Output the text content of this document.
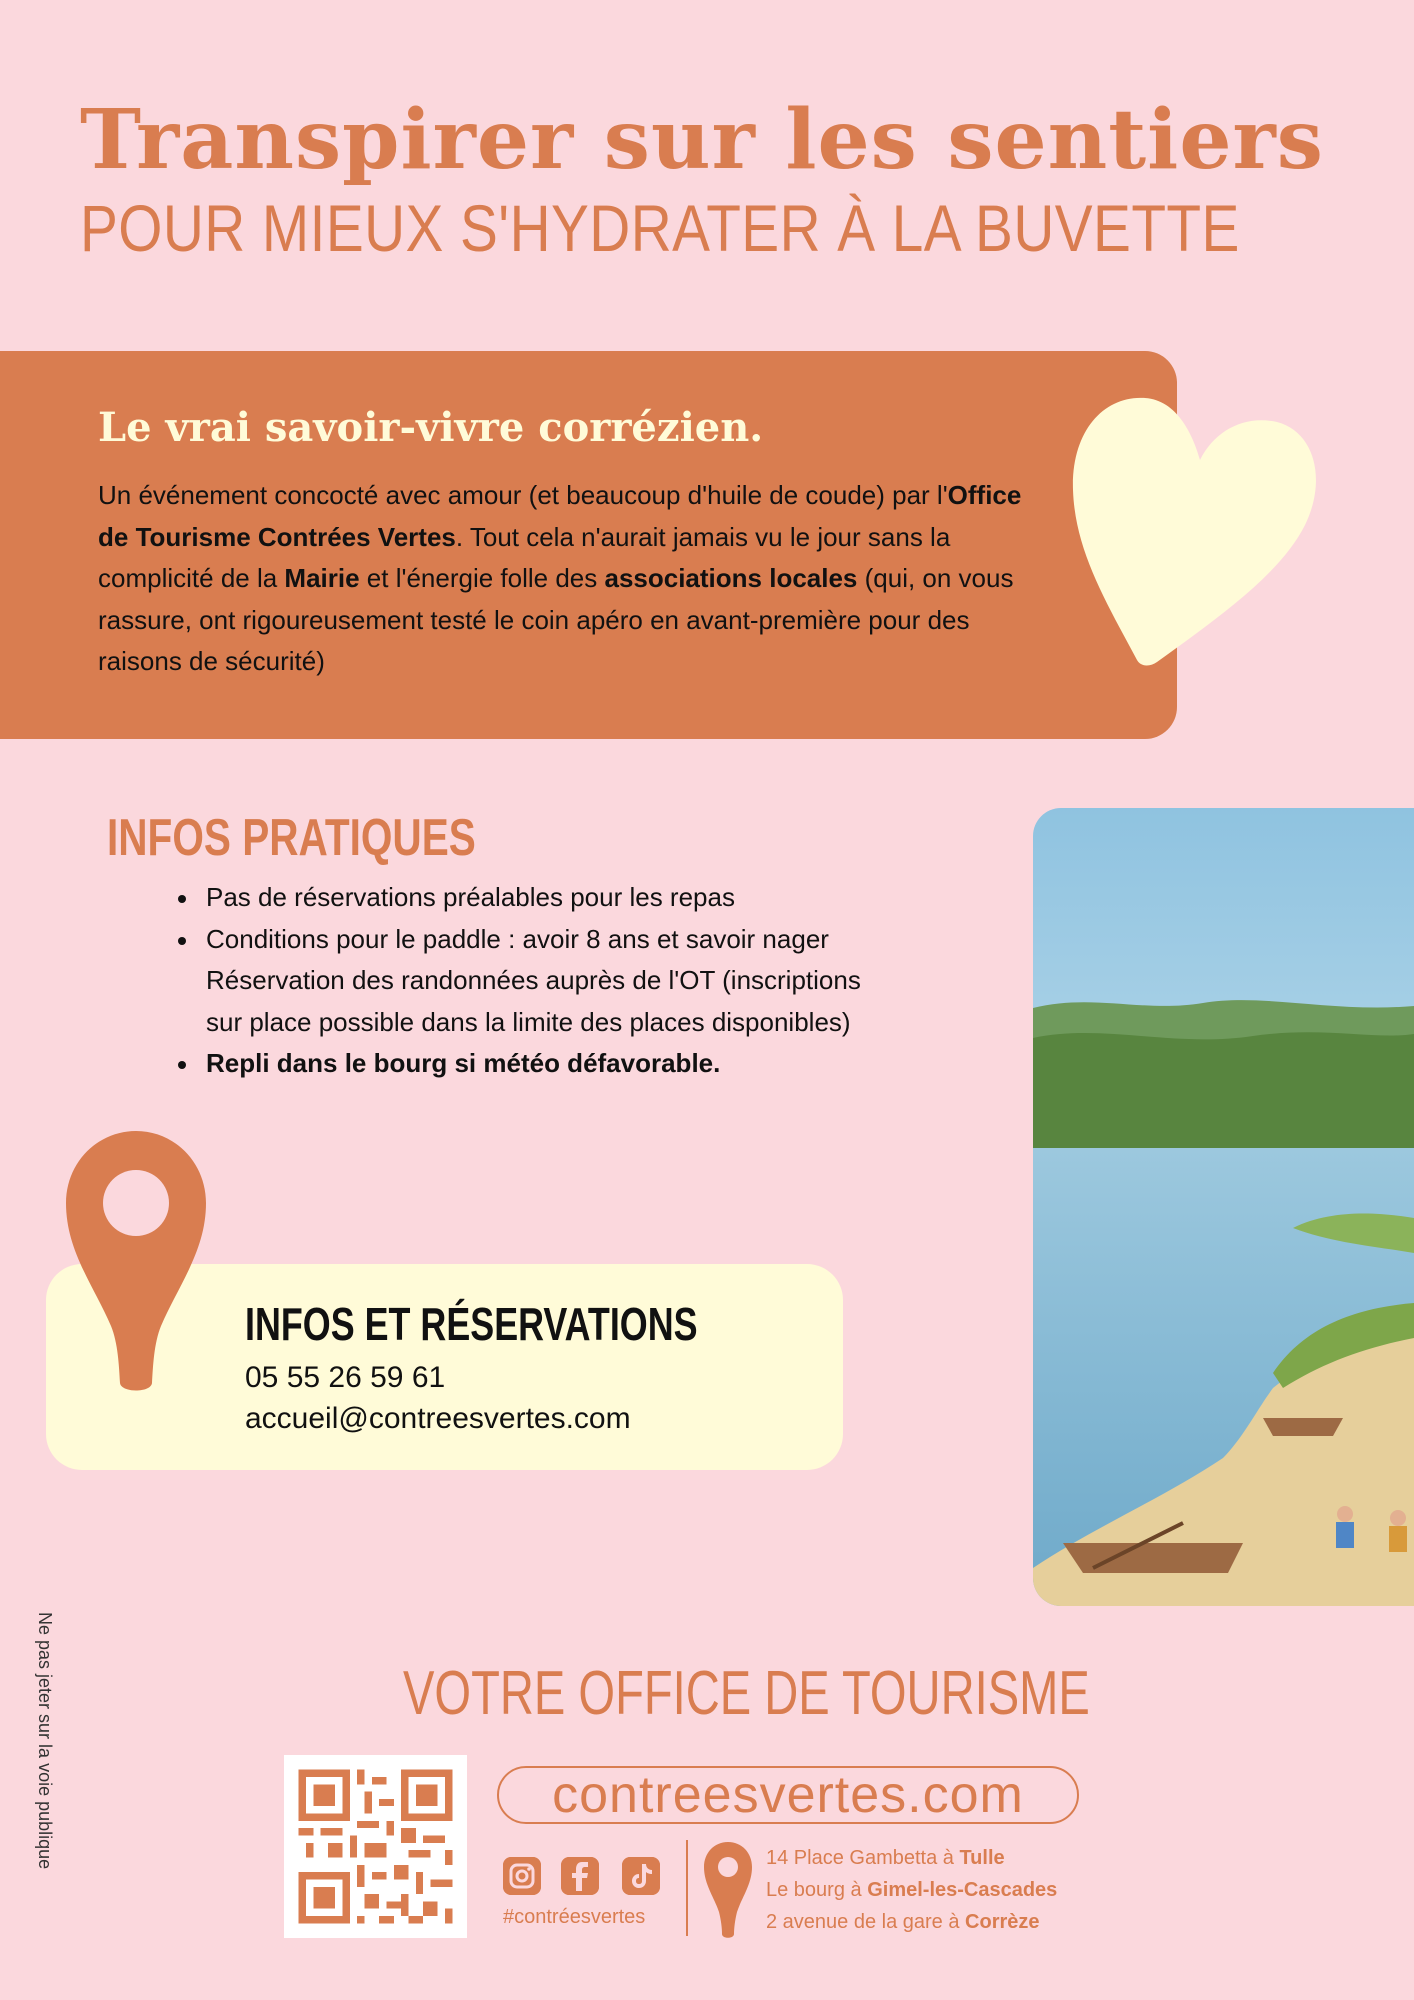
Transpirer sur les sentiers
POUR MIEUX S'HYDRATER À LA BUVETTE
Le vrai savoir-vivre corrézien.
Un événement concocté avec amour (et beaucoup d'huile de coude) par l'Office de Tourisme Contrées Vertes. Tout cela n'aurait jamais vu le jour sans la complicité de la Mairie et l'énergie folle des associations locales (qui, on vous rassure, ont rigoureusement testé le coin apéro en avant-première pour des raisons de sécurité)
INFOS PRATIQUES
Pas de réservations préalables pour les repas
Conditions pour le paddle : avoir 8 ans et savoir nager
Réservation des randonnées auprès de l'OT (inscriptions
sur place possible dans la limite des places disponibles)
Repli dans le bourg si météo défavorable.
INFOS ET RÉSERVATIONS
05 55 26 59 61
accueil@contreesvertes.com
VOTRE OFFICE DE TOURISME
contreesvertes.com
#contréesvertes
14 Place Gambetta à Tulle
Le bourg à Gimel-les-Cascades
2 avenue de la gare à Corrèze
Ne pas jeter sur la voie publique
